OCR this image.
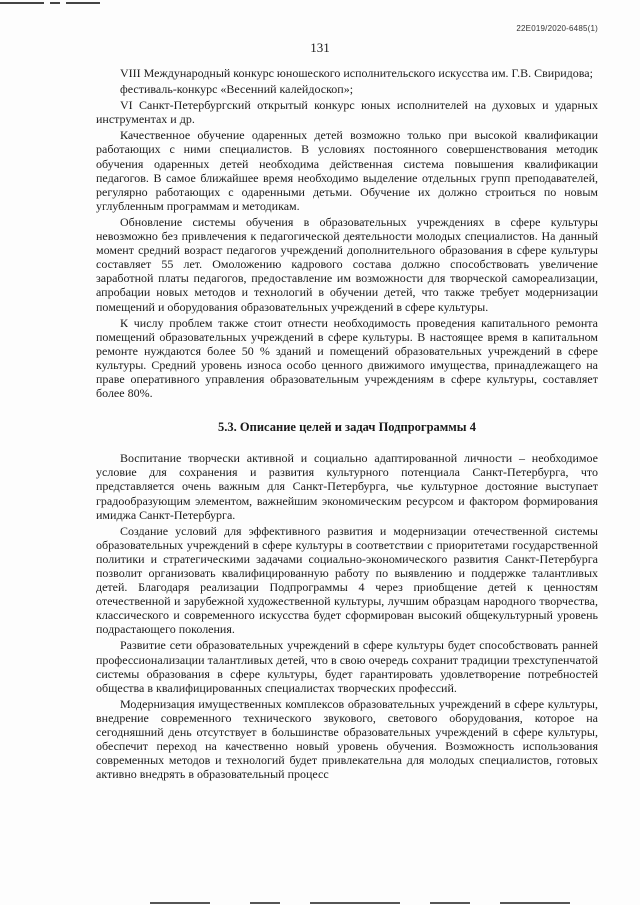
22Е019/2020-6485(1)
131

VIII Международный конкурс юношеского исполнительского искусства им. Г.В. Свиридова;

фестиваль-конкурс «Весенний калейдоскоп»;

VI Санкт-Петербургский открытый конкурс юных исполнителей на духовых и ударных инструментах и др.

Качественное обучение одаренных детей возможно только при высокой квалификации работающих с ними специалистов. В условиях постоянного совершенствования методик обучения одаренных детей необходима действенная система повышения квалификации педагогов. В самое ближайшее время необходимо выделение отдельных групп преподавателей, регулярно работающих с одаренными детьми. Обучение их должно строиться по новым углубленным программам и методикам.

Обновление системы обучения в образовательных учреждениях в сфере культуры невозможно без привлечения к педагогической деятельности молодых специалистов. На данный момент средний возраст педагогов учреждений дополнительного образования в сфере культуры составляет 55 лет. Омоложению кадрового состава должно способствовать увеличение заработной платы педагогов, предоставление им возможности для творческой самореализации, апробации новых методов и технологий в обучении детей, что также требует модернизации помещений и оборудования образовательных учреждений в сфере культуры.

К числу проблем также стоит отнести необходимость проведения капитального ремонта помещений образовательных учреждений в сфере культуры. В настоящее время в капитальном ремонте нуждаются более 50 % зданий и помещений образовательных учреждений в сфере культуры. Средний уровень износа особо ценного движимого имущества, принадлежащего на праве оперативного управления образовательным учреждениям в сфере культуры, составляет более 80%.

5.3. Описание целей и задач Подпрограммы 4

Воспитание творчески активной и социально адаптированной личности – необходимое условие для сохранения и развития культурного потенциала Санкт-Петербурга, что представляется очень важным для Санкт-Петербурга, чье культурное достояние выступает градообразующим элементом, важнейшим экономическим ресурсом и фактором формирования имиджа Санкт-Петербурга.

Создание условий для эффективного развития и модернизации отечественной системы образовательных учреждений в сфере культуры в соответствии с приоритетами государственной политики и стратегическими задачами социально-экономического развития Санкт-Петербурга позволит организовать квалифицированную работу по выявлению и поддержке талантливых детей. Благодаря реализации Подпрограммы 4 через приобщение детей к ценностям отечественной и зарубежной художественной культуры, лучшим образцам народного творчества, классического и современного искусства будет сформирован высокий общекультурный уровень подрастающего поколения.

Развитие сети образовательных учреждений в сфере культуры будет способствовать ранней профессионализации талантливых детей, что в свою очередь сохранит традиции трехступенчатой системы образования в сфере культуры, будет гарантировать удовлетворение потребностей общества в квалифицированных специалистах творческих профессий.

Модернизация имущественных комплексов образовательных учреждений в сфере культуры, внедрение современного технического звукового, светового оборудования, которое на сегодняшний день отсутствует в большинстве образовательных учреждений в сфере культуры, обеспечит переход на качественно новый уровень обучения. Возможность использования современных методов и технологий будет привлекательна для молодых специалистов, готовых активно внедрять в образовательный процесс
